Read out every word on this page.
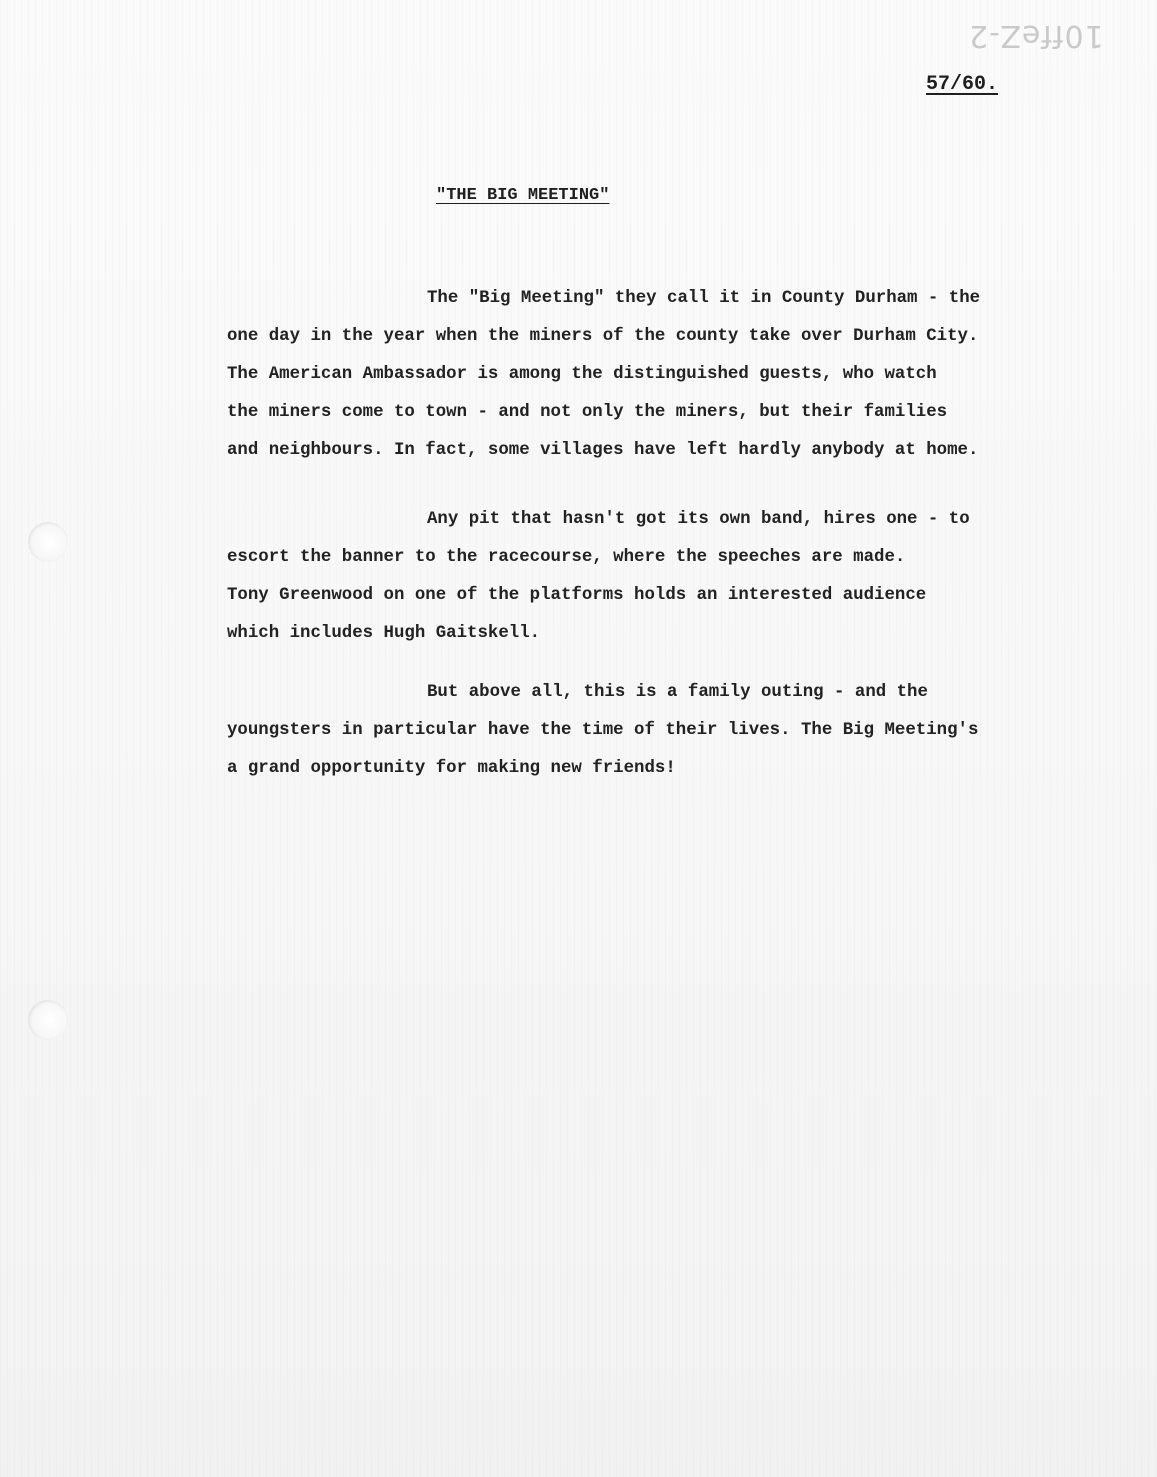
10ffeZ-2
57/60.
"THE BIG MEETING"
The "Big Meeting" they call it in County Durham - the
one day in the year when the miners of the county take over Durham City.
The American Ambassador is among the distinguished guests, who watch
the miners come to town - and not only the miners, but their families
and neighbours. In fact, some villages have left hardly anybody at home.
Any pit that hasn't got its own band, hires one - to
escort the banner to the racecourse, where the speeches are made.
Tony Greenwood on one of the platforms holds an interested audience
which includes Hugh Gaitskell.
But above all, this is a family outing - and the
youngsters in particular have the time of their lives. The Big Meeting's
a grand opportunity for making new friends!
